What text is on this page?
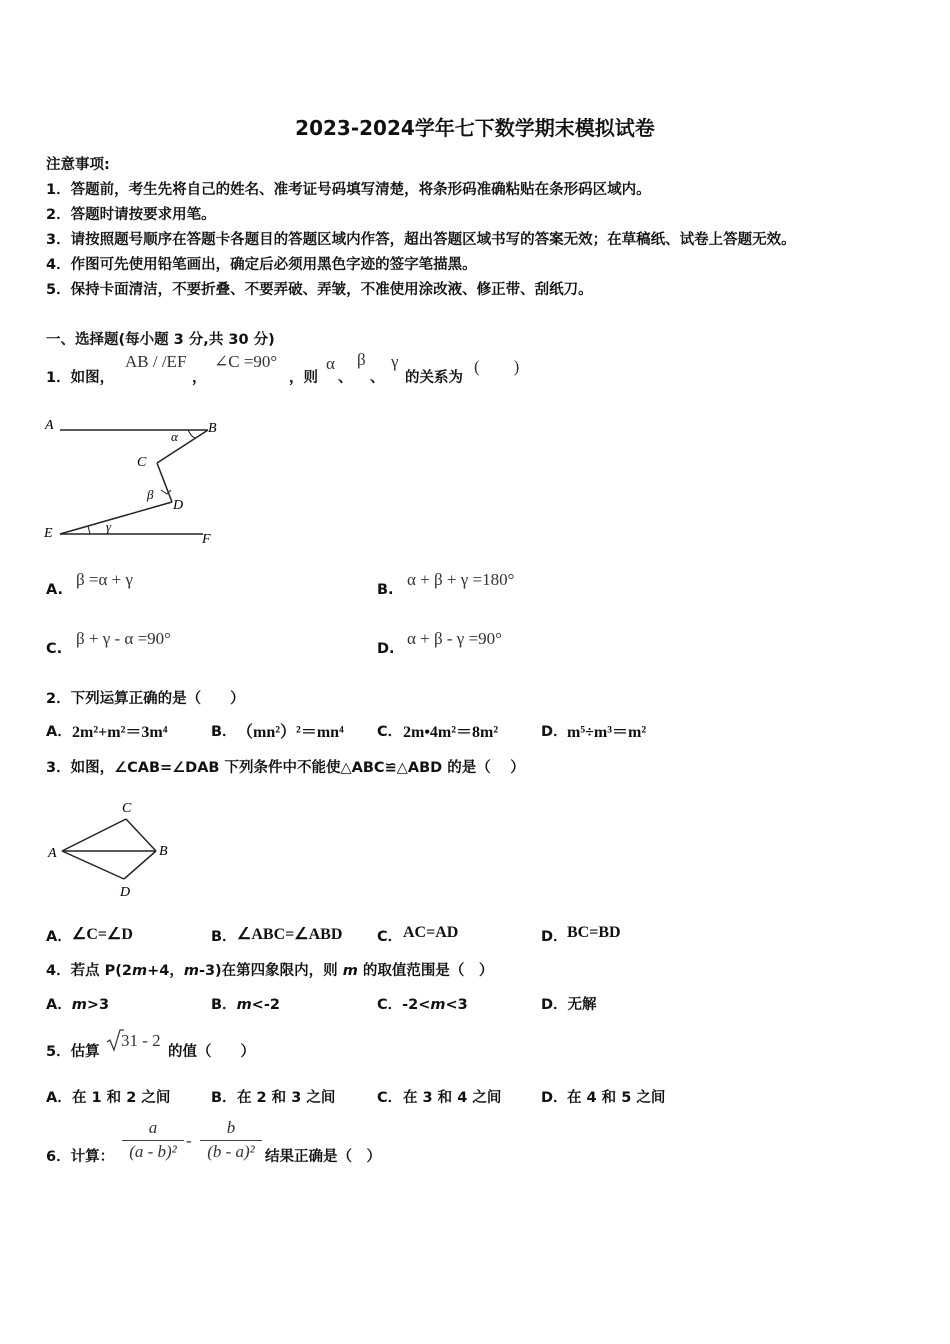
2023-2024学年七下数学期末模拟试卷
注意事项:
1．答题前，考生先将自己的姓名、准考证号码填写清楚，将条形码准确粘贴在条形码区域内。
2．答题时请按要求用笔。
3．请按照题号顺序在答题卡各题目的答题区域内作答，超出答题区域书写的答案无效；在草稿纸、试卷上答题无效。
4．作图可先使用铅笔画出，确定后必须用黑色字迹的签字笔描黑。
5．保持卡面清洁，不要折叠、不要弄破、弄皱，不准使用涂改液、修正带、刮纸刀。
一、选择题(每小题 3 分,共 30 分)
1．如图，
AB / /EF
，
∠C =90°
，则
α
、
β
、
γ
的关系为
(　　)
A	B
C
D
E	F
α
β
γ
A.
β =α + γ
B.
α + β + γ =180°
C.
β + γ - α =90°
D.
α + β - γ =90°
2．下列运算正确的是（　　）
A． 2m²+m²＝3m⁴	B． （mn²）²＝mn⁴ C． 2m•4m²＝8m²	D． m⁵÷m³＝m²
3．如图，∠CAB=∠DAB 下列条件中不能使△ABC≌△ABD 的是（　 ）
C
A	B
D
A． ∠C=∠D	B． ∠ABC=∠ABD C． AC=AD	D． BC=BD
4．若点 P(2m+4，m-3)在第四象限内，则 m 的取值范围是（　）
A．m>3	B．m<-2	C．-2<m<3	D．无解
5．估算
31 - 2
的值（　　）
A． 在 1 和 2 之间	B． 在 2 和 3 之间	C． 在 3 和 4 之间	D． 在 4 和 5 之间
6．计算： $\frac{a}{\text{(a - b)²}} - \frac{b}{\text{(b - a)²}}$ 结果正确是（　）
